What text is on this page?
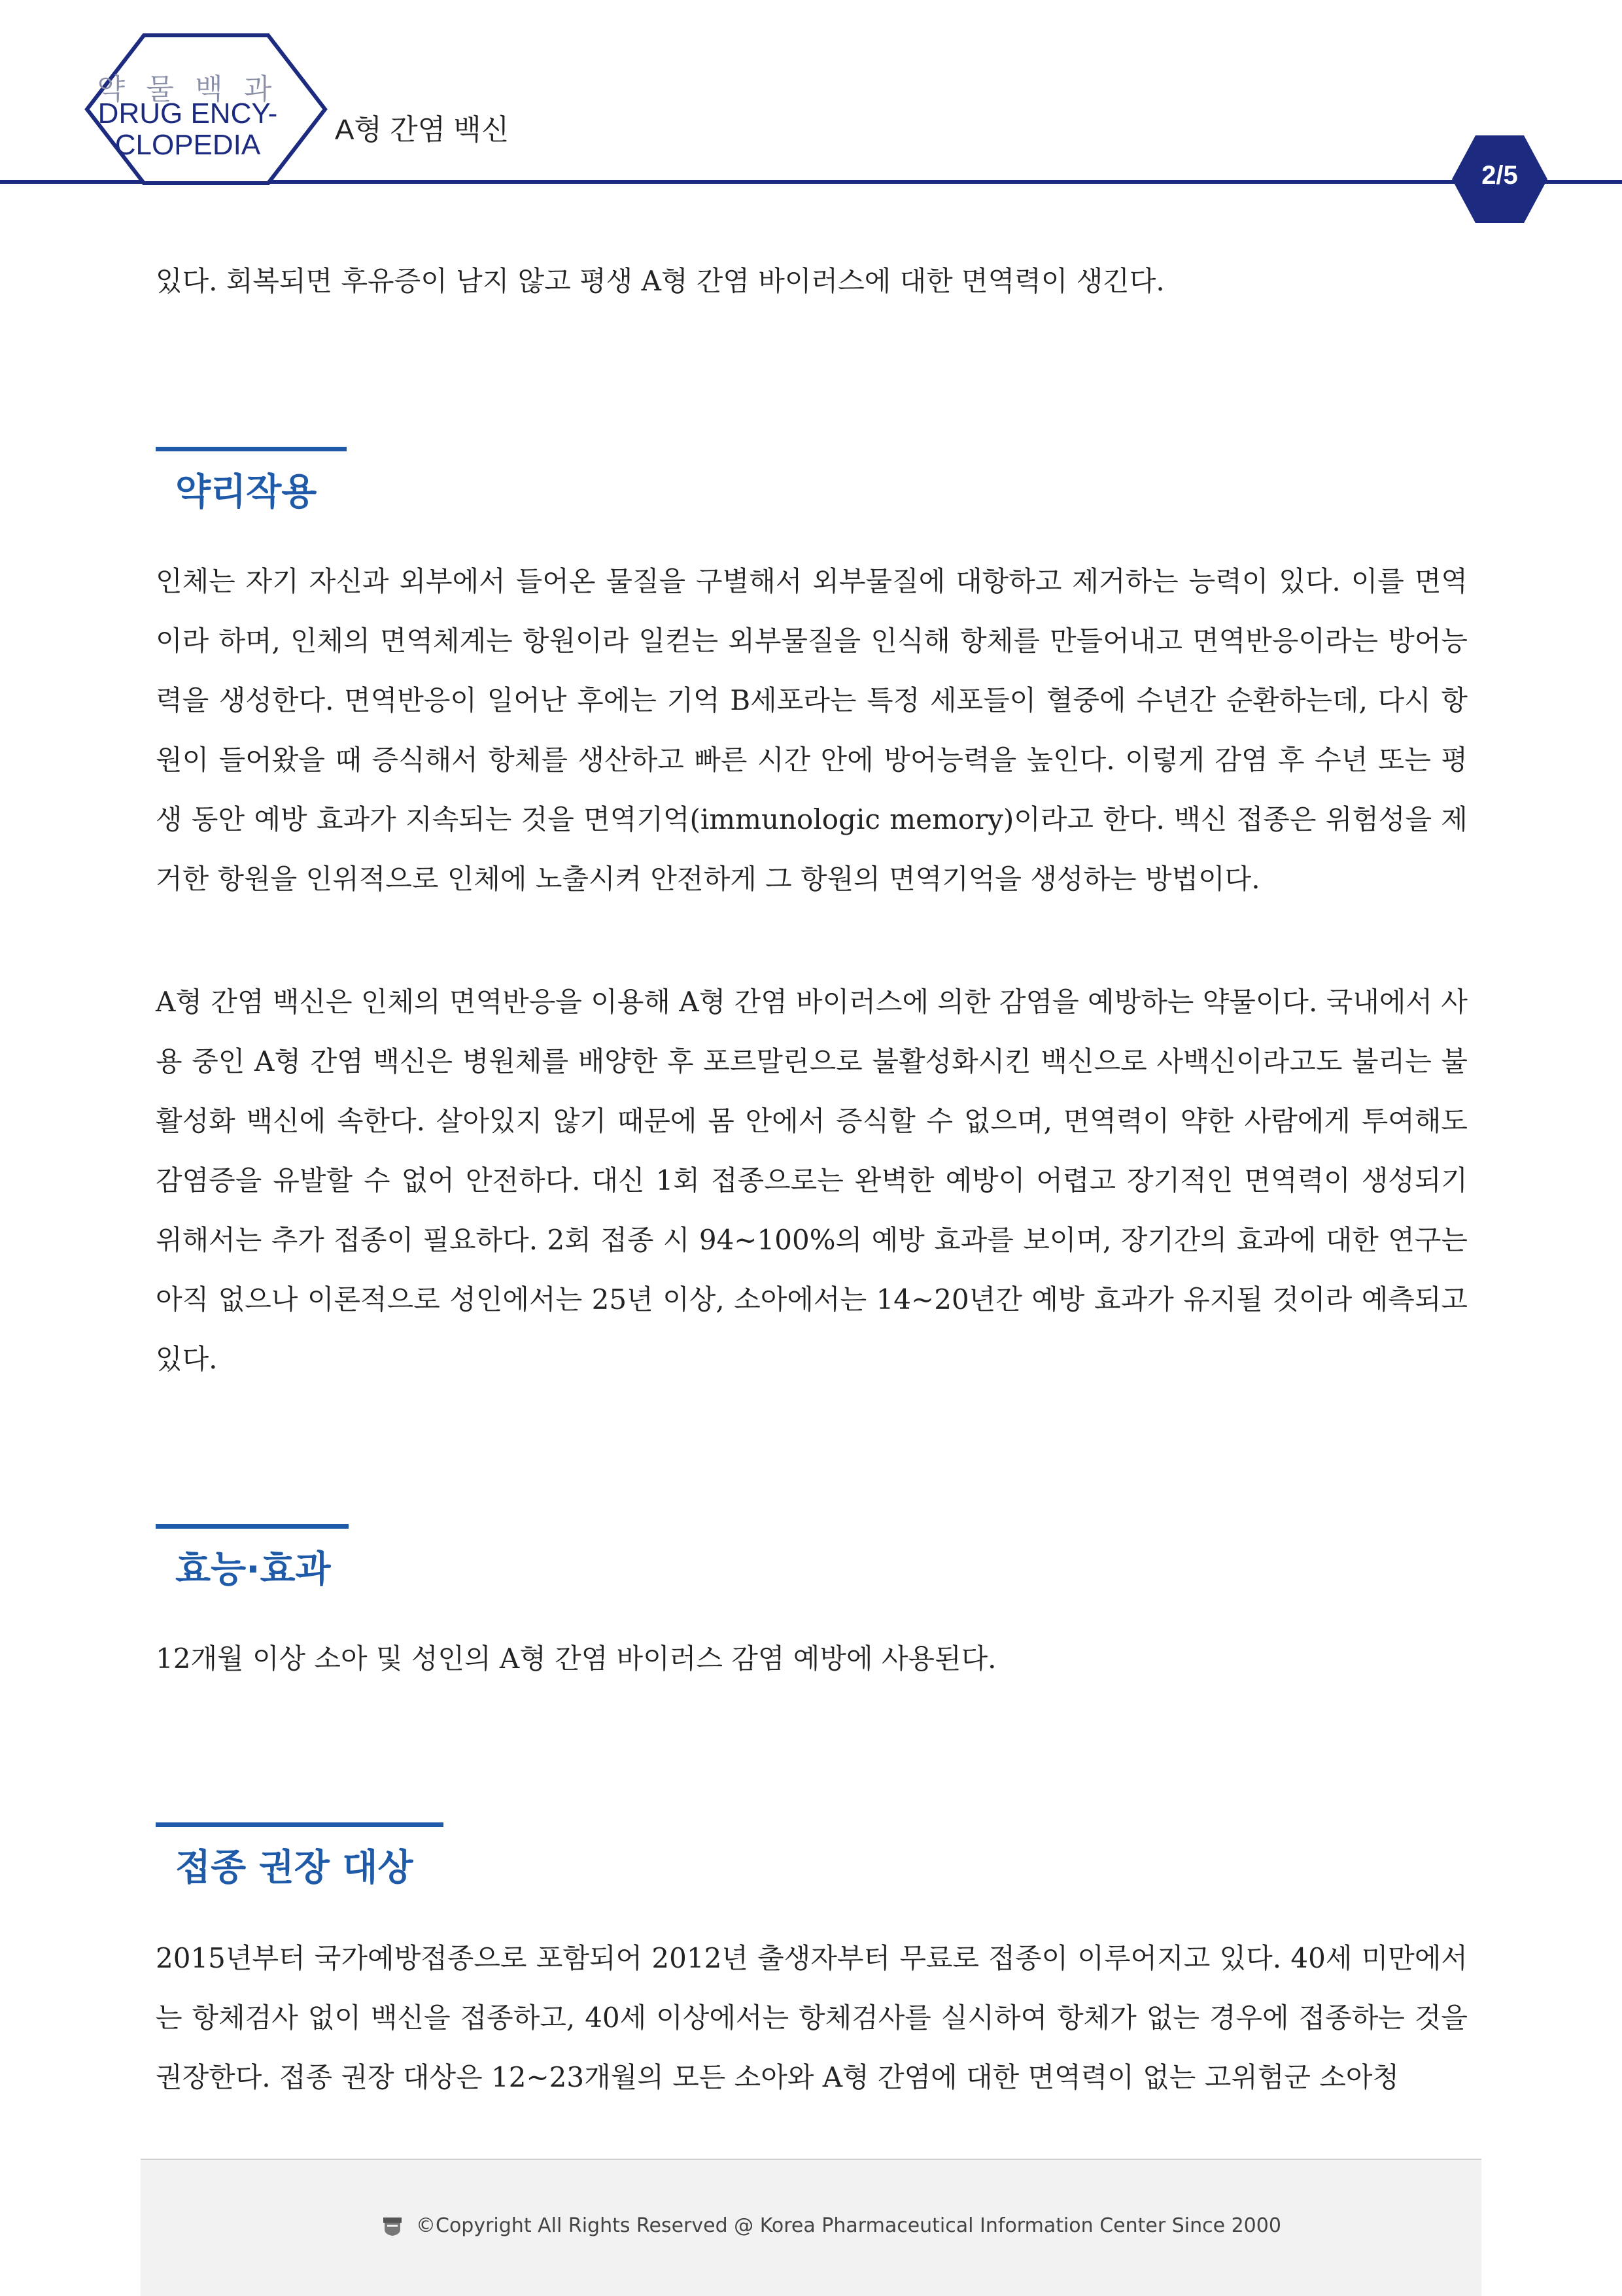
약 물 백 과
DRUG ENCY-
CLOPEDIA	A형 간염 백신
2/5

있다. 회복되면 후유증이 남지 않고 평생 A형 간염 바이러스에 대한 면역력이 생긴다.

약리작용

인체는 자기 자신과 외부에서 들어온 물질을 구별해서 외부물질에 대항하고 제거하는 능력이 있다. 이를 면역이라 하며, 인체의 면역체계는 항원이라 일컫는 외부물질을 인식해 항체를 만들어내고 면역반응이라는 방어능력을 생성한다. 면역반응이 일어난 후에는 기억 B세포라는 특정 세포들이 혈중에 수년간 순환하는데, 다시 항원이 들어왔을 때 증식해서 항체를 생산하고 빠른 시간 안에 방어능력을 높인다. 이렇게 감염 후 수년 또는 평생 동안 예방 효과가 지속되는 것을 면역기억(immunologic memory)이라고 한다. 백신 접종은 위험성을 제거한 항원을 인위적으로 인체에 노출시켜 안전하게 그 항원의 면역기억을 생성하는 방법이다.

A형 간염 백신은 인체의 면역반응을 이용해 A형 간염 바이러스에 의한 감염을 예방하는 약물이다. 국내에서 사용 중인 A형 간염 백신은 병원체를 배양한 후 포르말린으로 불활성화시킨 백신으로 사백신이라고도 불리는 불활성화 백신에 속한다. 살아있지 않기 때문에 몸 안에서 증식할 수 없으며, 면역력이 약한 사람에게 투여해도 감염증을 유발할 수 없어 안전하다. 대신 1회 접종으로는 완벽한 예방이 어렵고 장기적인 면역력이 생성되기 위해서는 추가 접종이 필요하다. 2회 접종 시 94~100%의 예방 효과를 보이며, 장기간의 효과에 대한 연구는 아직 없으나 이론적으로 성인에서는 25년 이상, 소아에서는 14~20년간 예방 효과가 유지될 것이라 예측되고 있다.

효능·효과

12개월 이상 소아 및 성인의 A형 간염 바이러스 감염 예방에 사용된다.

접종 권장 대상

2015년부터 국가예방접종으로 포함되어 2012년 출생자부터 무료로 접종이 이루어지고 있다. 40세 미만에서는 항체검사 없이 백신을 접종하고, 40세 이상에서는 항체검사를 실시하여 항체가 없는 경우에 접종하는 것을 권장한다. 접종 권장 대상은 12~23개월의 모든 소아와 A형 간염에 대한 면역력이 없는 고위험군 소아청

©Copyright All Rights Reserved @ Korea Pharmaceutical Information Center Since 2000
